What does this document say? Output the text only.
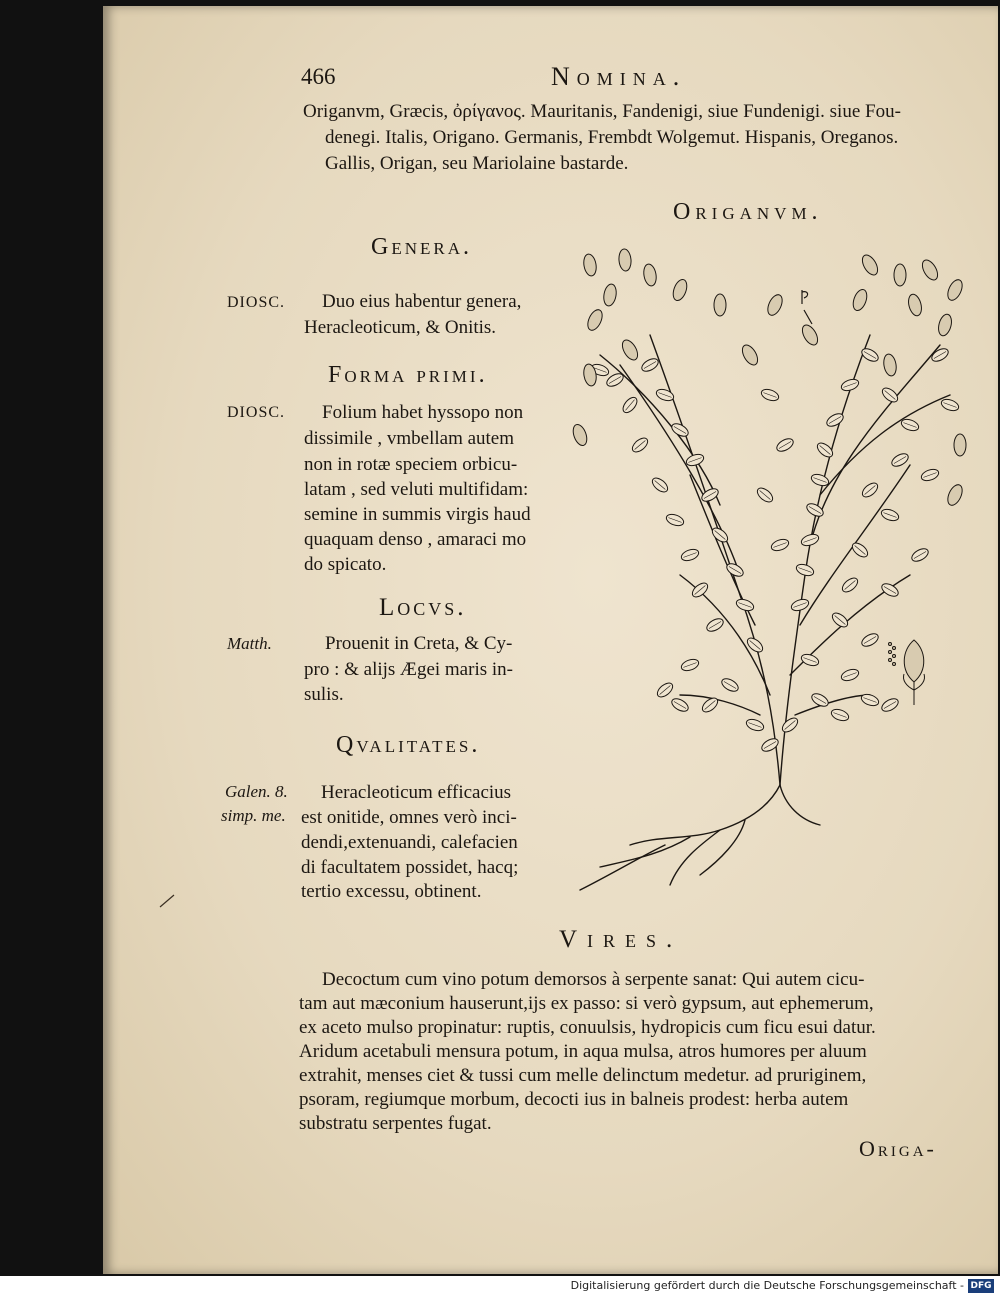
466	Nomina.
Origanvm, Græcis, ὀρίγανος. Mauritanis, Fandenigi, siue Fundenigi. siue Fou-
denegi. Italis, Origano. Germanis, Frembdt Wolgemut. Hispanis, Oreganos.
Gallis, Origan, seu Mariolaine bastarde.
Origanvm.
Genera.
DIOSC. Duo eius habentur genera,
Heracleoticum, & Onitis.
Forma primi.
DIOSC. Folium habet hyssopo non
dissimile , vmbellam autem
non in rotæ speciem orbicu-
latam , sed veluti multifidam:
semine in summis virgis haud
quaquam denso , amaraci mo
do spicato.
Locvs.
Matth.	Prouenit in Creta, & Cy-
pro : & alijs Ægei maris in-
sulis.
Qvalitates.
Galen. 8.
simp. me.
Heracleoticum efficacius
est onitide, omnes verò inci-
dendi,extenuandi, calefacien
di facultatem possidet, hacq;
tertio excessu, obtinent.
Vires.
Decoctum cum vino potum demorsos à serpente sanat: Qui autem cicu-
tam aut mæconium hauserunt,ijs ex passo: si verò gypsum, aut ephemerum,
ex aceto mulso propinatur: ruptis, conuulsis, hydropicis cum ficu esui datur.
Aridum acetabuli mensura potum, in aqua mulsa, atros humores per aluum
extrahit, menses ciet & tussi cum melle delinctum medetur. ad pruriginem,
psoram, regiumque morbum, decocti ius in balneis prodest: herba autem
substratu serpentes fugat.
Origa-
Digitalisierung gefördert durch die Deutsche Forschungsgemeinschaft - DFG
